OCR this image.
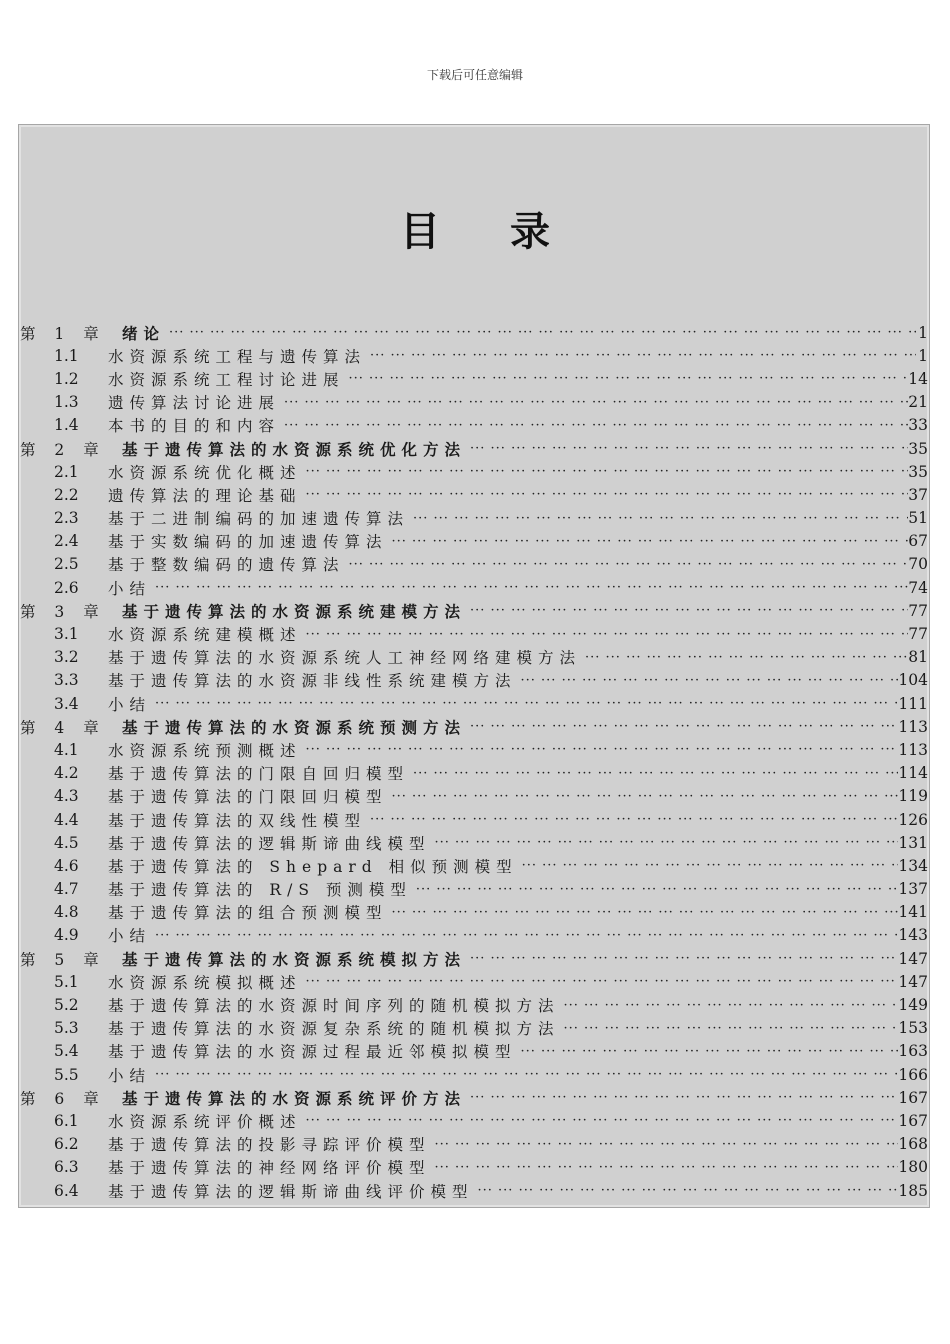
下载后可任意编辑
目录
第 1 章	绪论 ··· ·	1
1.1	水资源系统工程与遗传算法 ··· ·	1
1.2	水资源系统工程讨论进展 ··· ·	14
1.3	遗传算法讨论进展 ··· ·	21
1.4	本书的目的和内容 ··· ·	33
第 2 章	基于遗传算法的水资源系统优化方法 ··· ·	35
2.1	水资源系统优化概述 ··· ·	35
2.2	遗传算法的理论基础 ··· ·	37
2.3	基于二进制编码的加速遗传算法 ··· ·	51
2.4	基于实数编码的加速遗传算法 ··· ·	67
2.5	基于整数编码的遗传算法 ··· ·	70
2.6	小结 ··· ·	74
第 3 章	基于遗传算法的水资源系统建模方法 ··· ·	77
3.1	水资源系统建模概述 ··· ·	77
3.2	基于遗传算法的水资源系统人工神经网络建模方法 ··· ·	81
3.3	基于遗传算法的水资源非线性系统建模方法 ··· ·	104
3.4	小结 ··· ·	111
第 4 章	基于遗传算法的水资源系统预测方法 ··· ·	113
4.1	水资源系统预测概述 ··· ·	113
4.2	基于遗传算法的门限自回归模型 ··· ·	114
4.3	基于遗传算法的门限回归模型 ··· ·	119
4.4	基于遗传算法的双线性模型 ··· ·	126
4.5	基于遗传算法的逻辑斯谛曲线模型 ··· ·	131
4.6	基于遗传算法的 Shepard 相似预测模型 ··· ·	134
4.7	基于遗传算法的 R/S 预测模型 ··· ·	137
4.8	基于遗传算法的组合预测模型 ··· ·	141
4.9	小结 ··· ·	143
第 5 章	基于遗传算法的水资源系统模拟方法 ··· ·	147
5.1	水资源系统模拟概述 ··· ·	147
5.2	基于遗传算法的水资源时间序列的随机模拟方法 ··· ·	149
5.3	基于遗传算法的水资源复杂系统的随机模拟方法 ··· ·	153
5.4	基于遗传算法的水资源过程最近邻模拟模型 ··· ·	163
5.5	小结 ··· ·	166
第 6 章	基于遗传算法的水资源系统评价方法 ··· ·	167
6.1	水资源系统评价概述 ··· ·	167
6.2	基于遗传算法的投影寻踪评价模型 ··· ·	168
6.3	基于遗传算法的神经网络评价模型 ··· ·	180
6.4	基于遗传算法的逻辑斯谛曲线评价模型 ··· ·	185
